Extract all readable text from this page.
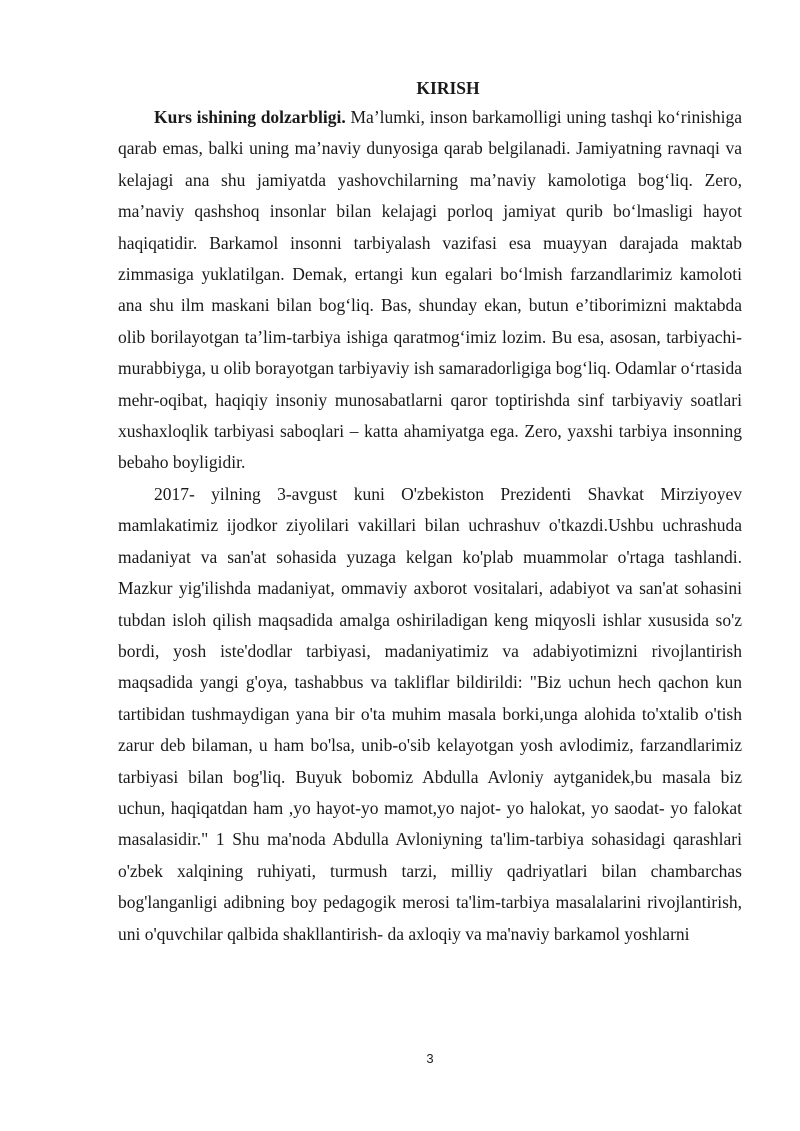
KIRISH

Kurs ishining dolzarbligi. Ma’lumki, inson barkamolligi uning tashqi ko‘rinishiga qarab emas, balki uning ma’naviy dunyosiga qarab belgilanadi. Jamiyatning ravnaqi va kelajagi ana shu jamiyatda yashovchilarning ma’naviy kamolotiga bog‘liq. Zero, ma’naviy qashshoq insonlar bilan kelajagi porloq jamiyat qurib bo‘lmasligi hayot haqiqatidir. Barkamol insonni tarbiyalash vazifasi esa muayyan darajada maktab zimmasiga yuklatilgan. Demak, ertangi kun egalari bo‘lmish farzandlarimiz kamoloti ana shu ilm maskani bilan bog‘liq. Bas, shunday ekan, butun e’tiborimizni maktabda olib borilayotgan ta’lim-tarbiya ishiga qaratmog‘imiz lozim. Bu esa, asosan, tarbiyachi-murabbiyga, u olib borayotgan tarbiyaviy ish samaradorligiga bog‘liq. Odamlar o‘rtasida mehr-oqibat, haqiqiy insoniy munosabatlarni qaror toptirishda sinf tarbiyaviy soatlari xushaxloqlik tarbiyasi saboqlari – katta ahamiyatga ega. Zero, yaxshi tarbiya insonning bebaho boyligidir.

2017- yilning 3-avgust kuni O'zbekiston Prezidenti Shavkat Mirziyoyev mamlakatimiz ijodkor ziyolilari vakillari bilan uchrashuv o'tkazdi.Ushbu uchrashuda madaniyat va san'at sohasida yuzaga kelgan ko'plab muammolar o'rtaga tashlandi. Mazkur yig'ilishda madaniyat, ommaviy axborot vositalari, adabiyot va san'at sohasini tubdan isloh qilish maqsadida amalga oshiriladigan keng miqyosli ishlar xususida so'z bordi, yosh iste'dodlar tarbiyasi, madaniyatimiz va adabiyotimizni rivojlantirish maqsadida yangi g'oya, tashabbus va takliflar bildirildi: "Biz uchun hech qachon kun tartibidan tushmaydigan yana bir o'ta muhim masala borki,unga alohida to'xtalib o'tish zarur deb bilaman, u ham bo'lsa, unib-o'sib kelayotgan yosh avlodimiz, farzandlarimiz tarbiyasi bilan bog'liq. Buyuk bobomiz Abdulla Avloniy aytganidek,bu masala biz uchun, haqiqatdan ham ,yo hayot-yo mamot,yo najot- yo halokat, yo saodat- yo falokat masalasidir." 1 Shu ma'noda Abdulla Avloniyning ta'lim-tarbiya sohasidagi qarashlari o'zbek xalqining ruhiyati, turmush tarzi, milliy qadriyatlari bilan chambarchas bog'langanligi adibning boy pedagogik merosi ta'lim-tarbiya masalalarini rivojlantirish, uni o'quvchilar qalbida shakllantirish- da axloqiy va ma'naviy barkamol yoshlarni

3
